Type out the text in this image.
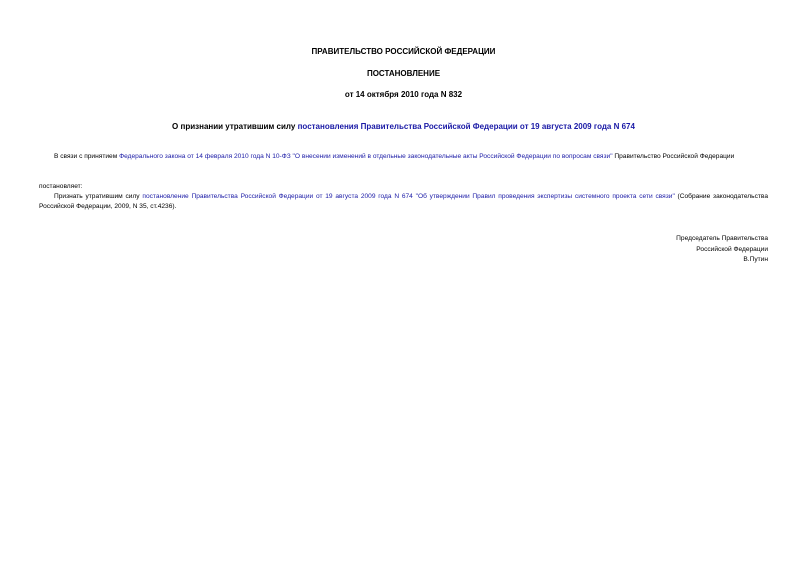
ПРАВИТЕЛЬСТВО РОССИЙСКОЙ ФЕДЕРАЦИИ
ПОСТАНОВЛЕНИЕ
от 14 октября 2010 года N 832
О признании утратившим силу постановления Правительства Российской Федерации от 19 августа 2009 года N 674
В связи с принятием Федерального закона от 14 февраля 2010 года N 10-ФЗ "О внесении изменений в отдельные законодательные акты Российской Федерации по вопросам связи" Правительство Российской Федерации
постановляет:
Признать утратившим силу постановление Правительства Российской Федерации от 19 августа 2009 года N 674 "Об утверждении Правил проведения экспертизы системного проекта сети связи" (Собрание законодательства Российской Федерации, 2009, N 35, ст.4236).
Председатель Правительства
Российской Федерации
В.Путин
